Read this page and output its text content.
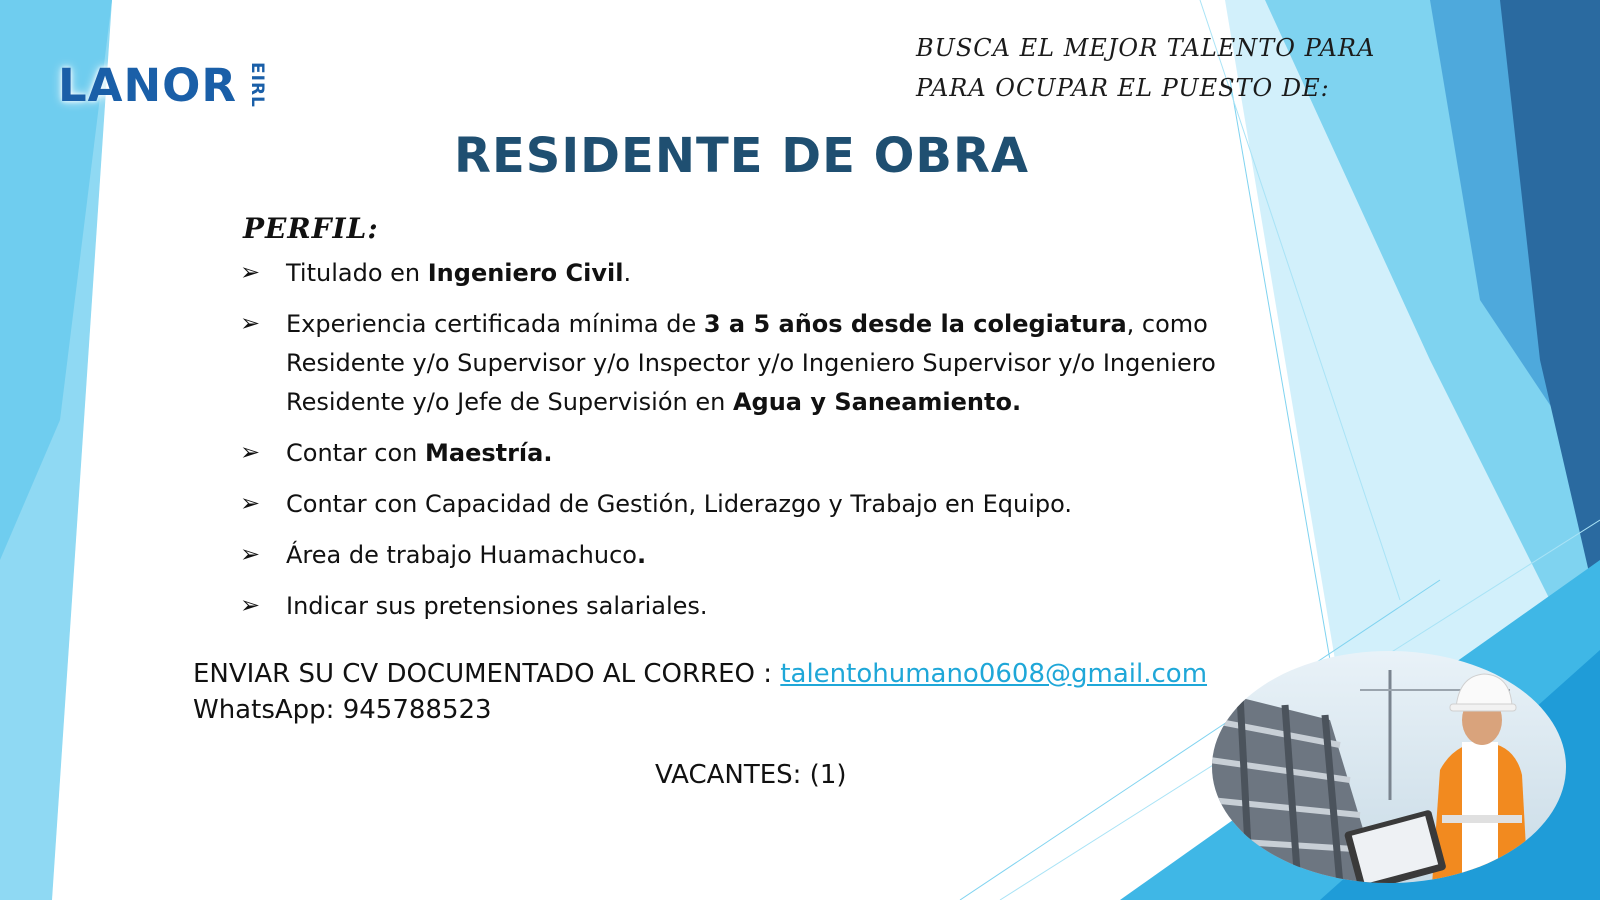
LANOR EIRL
BUSCA EL MEJOR TALENTO PARA
PARA OCUPAR EL PUESTO DE:
RESIDENTE DE OBRA
PERFIL:
➢ Titulado en Ingeniero Civil.
➢ Experiencia certificada mínima de 3 a 5 años desde la colegiatura, como Residente y/o Supervisor y/o Inspector y/o Ingeniero Supervisor y/o Ingeniero Residente y/o Jefe de Supervisión en Agua y Saneamiento.
➢ Contar con Maestría.
➢ Contar con Capacidad de Gestión, Liderazgo y Trabajo en Equipo.
➢ Área de trabajo Huamachuco.
➢ Indicar sus pretensiones salariales.
ENVIAR SU CV DOCUMENTADO AL CORREO : talentohumano0608@gmail.com
WhatsApp: 945788523
VACANTES: (1)
